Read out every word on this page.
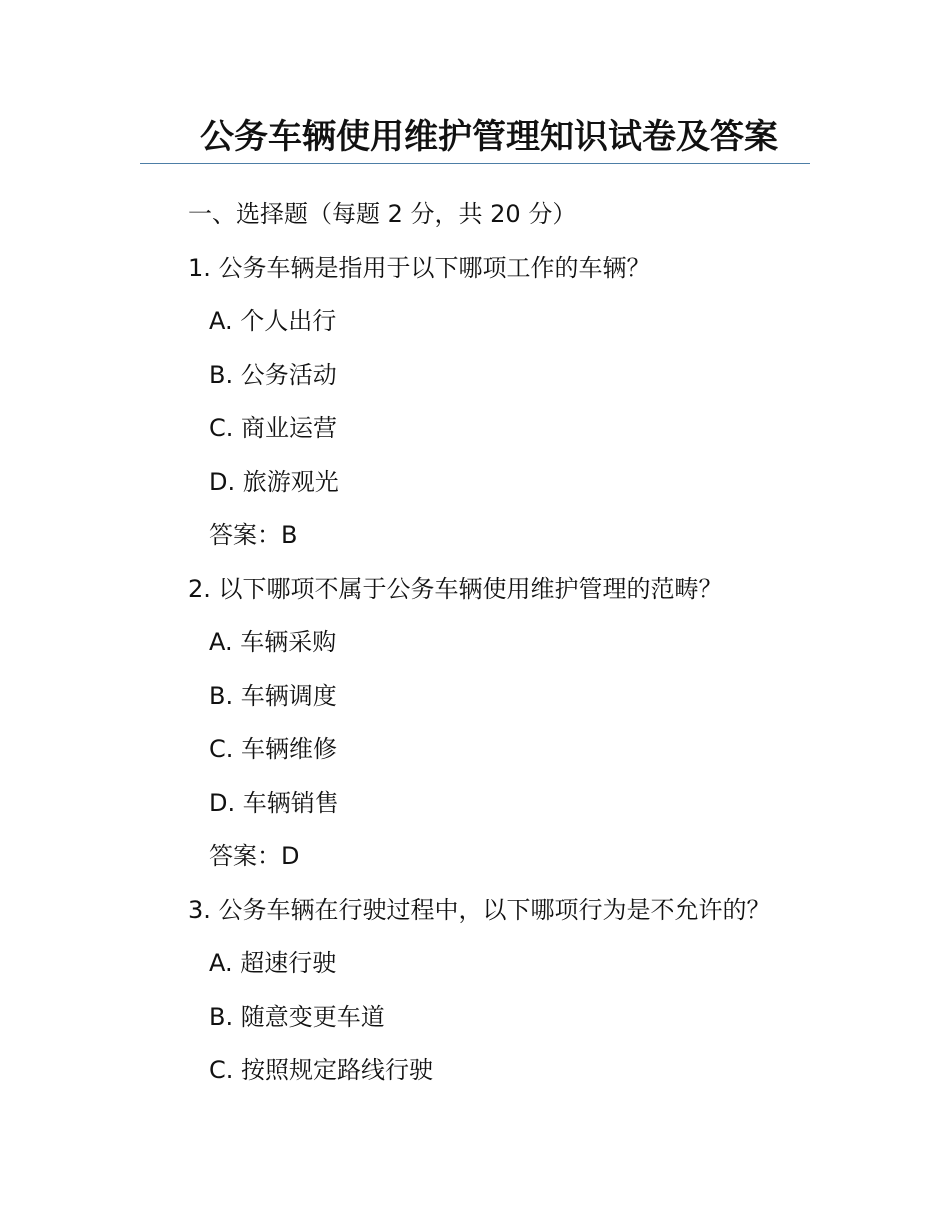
公务车辆使用维护管理知识试卷及答案
一、选择题（每题 2 分，共 20 分）
1. 公务车辆是指用于以下哪项工作的车辆？
A. 个人出行
B. 公务活动
C. 商业运营
D. 旅游观光
答案：B
2. 以下哪项不属于公务车辆使用维护管理的范畴？
A. 车辆采购
B. 车辆调度
C. 车辆维修
D. 车辆销售
答案：D
3. 公务车辆在行驶过程中，以下哪项行为是不允许的？
A. 超速行驶
B. 随意变更车道
C. 按照规定路线行驶
